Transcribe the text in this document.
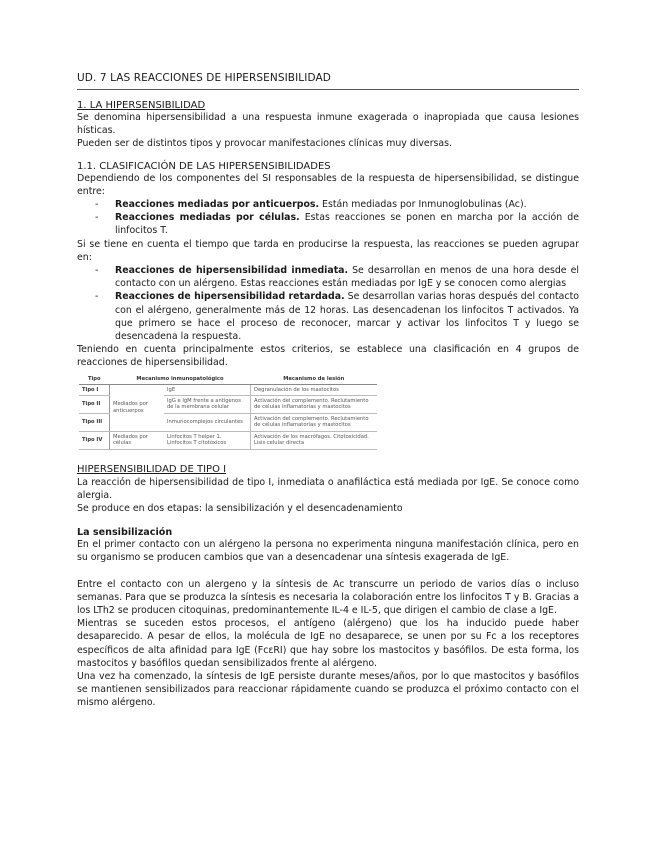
UD. 7 LAS REACCIONES DE HIPERSENSIBILIDAD
1. LA HIPERSENSIBILIDAD

Se denomina hipersensibilidad a una respuesta inmune exagerada o inapropiada que causa lesiones hísticas.

Pueden ser de distintos tipos y provocar manifestaciones clínicas muy diversas.

1.1. CLASIFICACIÓN DE LAS HIPERSENSIBILIDADES

Dependiendo de los componentes del SI responsables de la respuesta de hipersensibilidad, se distingue entre:

- Reacciones mediadas por anticuerpos. Están mediadas por Inmunoglobulinas (Ac).
- Reacciones mediadas por células. Estas reacciones se ponen en marcha por la acción de linfocitos T.

Si se tiene en cuenta el tiempo que tarda en producirse la respuesta, las reacciones se pueden agrupar en:

- Reacciones de hipersensibilidad inmediata. Se desarrollan en menos de una hora desde el contacto con un alérgeno. Estas reacciones están mediadas por IgE y se conocen como alergias
- Reacciones de hipersensibilidad retardada. Se desarrollan varias horas después del contacto con el alérgeno, generalmente más de 12 horas. Las desencadenan los linfocitos T activados. Ya que primero se hace el proceso de reconocer, marcar y activar los linfocitos T y luego se desencadena la respuesta.

Teniendo en cuenta principalmente estos criterios, se establece una clasificación en 4 grupos de reacciones de hipersensibilidad.

Tipo	Mecanismo inmunopatológico		Mecanismo de lesión
Tipo I	Mediados por anticuerpos	IgE	Degranulación de los mastocitos
Tipo II		IgG e IgM frente a antígenos de la membrana celular	Activación del complemento. Reclutamiento de células inflamatorias y mastocitos
Tipo III		Inmunocomplejos circulantes	Activación del complemento. Reclutamiento de células inflamatorias y mastocitos
Tipo IV	Mediados por células	Linfocitos T helper 1. Linfocitos T citotóxicos	Activación de los macrófagos. Citotoxicidad. Lisis celular directa
HIPERSENSIBILIDAD DE TIPO I

La reacción de hipersensibilidad de tipo I, inmediata o anafiláctica está mediada por IgE. Se conoce como alergia.

Se produce en dos etapas: la sensibilización y el desencadenamiento

La sensibilización

En el primer contacto con un alérgeno la persona no experimenta ninguna manifestación clínica, pero en su organismo se producen cambios que van a desencadenar una síntesis exagerada de IgE.

Entre el contacto con un alergeno y la síntesis de Ac transcurre un periodo de varios días o incluso semanas. Para que se produzca la síntesis es necesaria la colaboración entre los linfocitos T y B. Gracias a los LTh2 se producen citoquinas, predominantemente IL-4 e IL-5, que dirigen el cambio de clase a IgE.

Mientras se suceden estos procesos, el antígeno (alérgeno) que los ha inducido puede haber desaparecido. A pesar de ellos, la molécula de IgE no desaparece, se unen por su Fc a los receptores específicos de alta afinidad para IgE (FcεRI) que hay sobre los mastocitos y basófilos. De esta forma, los mastocitos y basófilos quedan sensibilizados frente al alérgeno.

Una vez ha comenzado, la síntesis de IgE persiste durante meses/años, por lo que mastocitos y basófilos se mantienen sensibilizados para reaccionar rápidamente cuando se produzca el próximo contacto con el mismo alérgeno.
